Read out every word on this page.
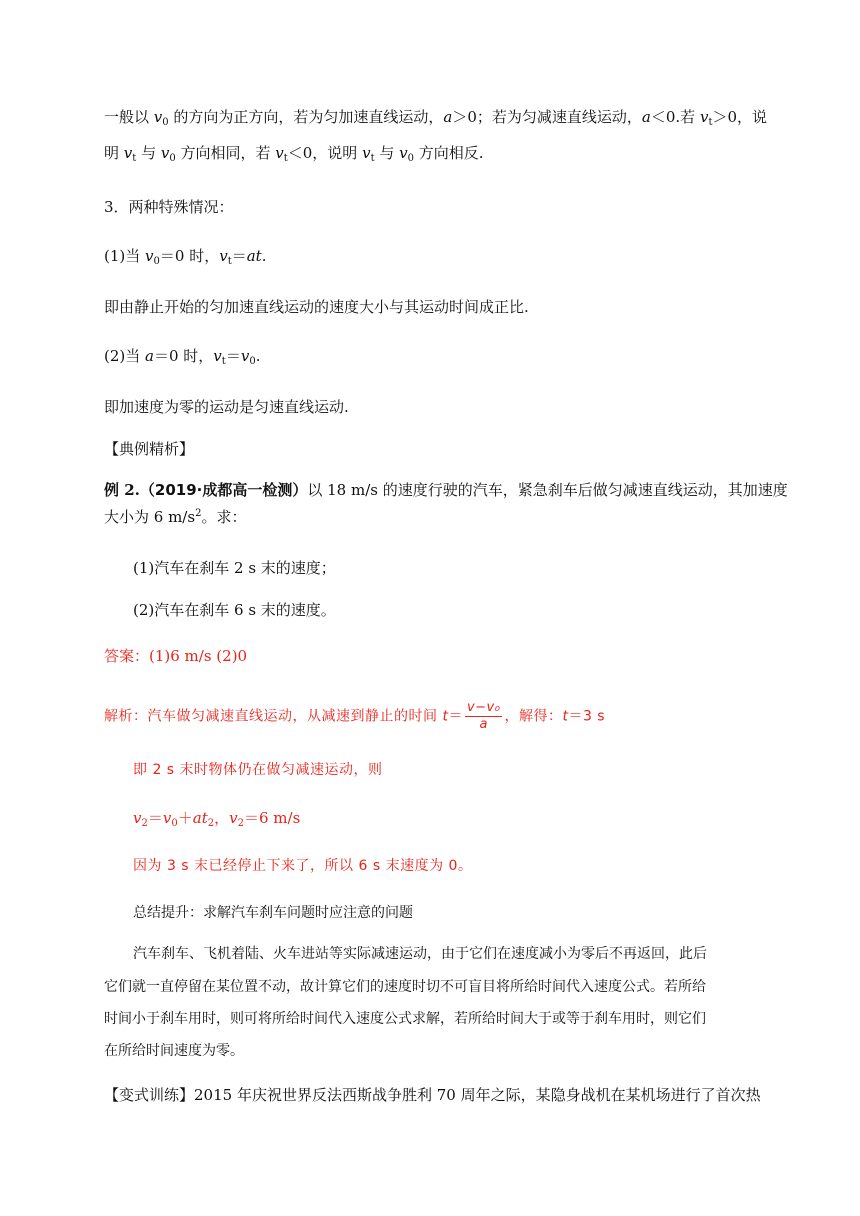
一般以 $v_0$ 的方向为正方向，若为匀加速直线运动，a＞0；若为匀减速直线运动，a＜0.若 $v_t>0$，说
明 $v_t$ 与 $v_0$ 方向相同，若 $v_t<0$，说明 $v_t$ 与 $v_0$ 方向相反.
3．两种特殊情况：
(1)当 $v_0=0$ 时，$v_t=at$.
即由静止开始的匀加速直线运动的速度大小与其运动时间成正比.
(2)当 a＝0 时，$v_t=v_0$.
即加速度为零的运动是匀速直线运动.
【典例精析】
例 2.（2019·成都高一检测）以 18 m/s 的速度行驶的汽车，紧急刹车后做匀减速直线运动，其加速度
大小为 6 $m/s^2$。求：
(1)汽车在刹车 2 s 末的速度；
(2)汽车在刹车 6 s 末的速度。
答案：(1)6 m/s (2)0
解析：汽车做匀减速直线运动，从减速到静止的时间 $t= \frac{\text{v−v₀}}{a}$ ，解得：t＝3 s
即 2 s 末时物体仍在做匀减速运动，则
$v_2=v_0+at_2$，$v_2=6$ m/s
因为 3 s 末已经停止下来了，所以 6 s 末速度为 0。
总结提升：求解汽车刹车问题时应注意的问题
汽车刹车、飞机着陆、火车进站等实际减速运动，由于它们在速度减小为零后不再返回，此后
它们就一直停留在某位置不动，故计算它们的速度时切不可盲目将所给时间代入速度公式。若所给
时间小于刹车用时，则可将所给时间代入速度公式求解，若所给时间大于或等于刹车用时，则它们
在所给时间速度为零。
【变式训练】2015 年庆祝世界反法西斯战争胜利 70 周年之际，某隐身战机在某机场进行了首次热
